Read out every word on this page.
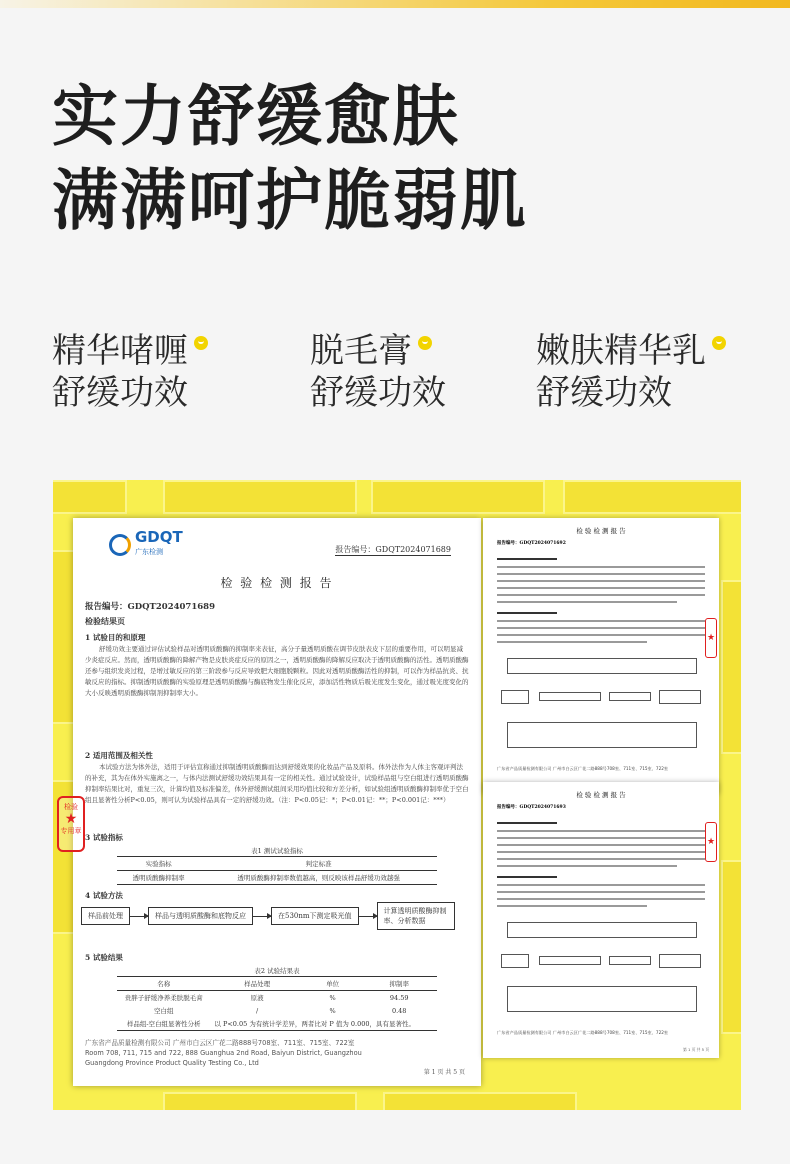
实力舒缓愈肤
满满呵护脆弱肌
精华啫喱
舒缓功效
脱毛膏
舒缓功效
嫩肤精华乳
舒缓功效
GDQT
广东检测	报告编号：GDQT2024071689
检 验 检 测 报 告
报告编号：GDQT2024071689
检验结果页
1 试验目的和原理
舒缓功效主要通过评估试验样品对透明质酸酶的抑制率来表征，高分子量透明质酸在调节皮肤表皮下层的重要作用，可以明显减少炎症反应。然而，透明质酸酶的降解产物是皮肤炎症反应的原因之一，透明质酸酶的降解反应取决于透明质酸酶的活性。透明质酸酶还参与组织发炎过程，是增过敏反应的第三阶段参与反应导致肥大细胞脱颗粒。因此对透明质酸酶活性的抑制，可以作为样品抗炎、抗敏反应的指标。抑制透明质酸酶的实验原理是透明质酸酶与酶底物发生催化反应，添加活性物质后吸光度发生变化，通过吸光度变化的大小反映透明质酸酶抑制剂抑制率大小。
2 适用范围及相关性
本试验方法为体外法，适用于评估宣称通过抑制透明质酸酶而达到舒缓效果的化妆品产品及原料。体外法作为人体主客观评判法的补充，其为在体外实施离之一，与体内法测试舒缓功效结果具有一定的相关性。通过试验设计，试验样品组与空白组进行透明质酸酶抑制率结果比对，重复三次，计算均值及标准偏差，体外舒缓测试组间采用均值比较和方差分析，如试验组透明质酸酶抑制率优于空白组且显著性分析P<0.05，则可认为试验样品具有一定的舒缓功效。（注：P<0.05记：*；P<0.01记：**；P<0.001记：***）
3 试验指标
表1 测试试验指标
实验指标	判定标准
透明质酸酶抑制率	透明质酸酶抑制率数值越高，则反映该样品舒缓功效越强
4 试验方法
样品前处理	样品与透明质酸酶和底物反应	在530nm下测定吸光值
计算透明质酸酶抑制率、分析数据
5 试验结果
表2 试验结果表
名称	样品处理	单位	抑制率
贵胖子舒缓净养柔肤脱毛膏	原液	%	94.59
空白组	/	%	0.48
样品组-空白组显著性分析	以 P<0.05 为有统计学差异，两者比对 P 值为 0.000，具有显著性。		
广东省产品质量检测有限公司 广州市白云区广花二路888号708室、711室、715室、722室
Room 708, 711, 715 and 722, 888 Guanghua 2nd Road, Baiyun District, Guangzhou
Guangdong Province Product Quality Testing Co., Ltd
第 1 页 共 5 页
检验
★
专用章
检 验 检 测 报 告
报告编号：GDQT2024071692
广东省产品质量检测有限公司 广州市白云区广花二路888号708室、711室、715室、722室
★
检 验 检 测 报 告
报告编号：GDQT2024071693
广东省产品质量检测有限公司 广州市白云区广花二路888号708室、711室、715室、722室
第 1 页 共 5 页
★
